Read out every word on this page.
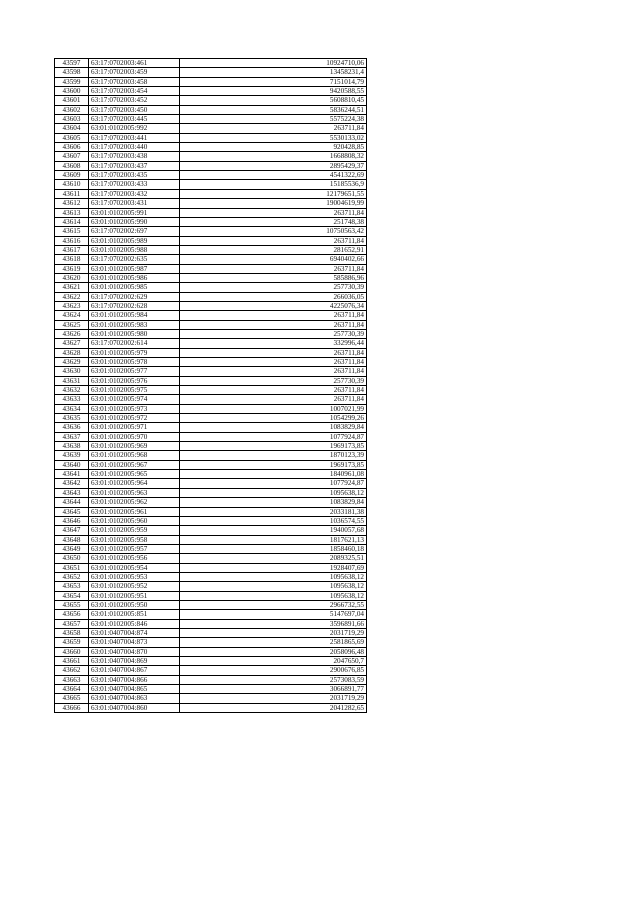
43597	63:17:0702003:461	10924710,06
43598	63:17:0702003:459	13458231,4
43599	63:17:0702003:458	7151014,79
43600	63:17:0702003:454	9420588,55
43601	63:17:0702003:452	5608810,45
43602	63:17:0702003:450	5836244,51
43603	63:17:0702003:445	5575224,38
43604	63:01:0102005:992	263711,84
43605	63:17:0702003:441	5530133,02
43606	63:17:0702003:440	920428,85
43607	63:17:0702003:438	1668808,32
43608	63:17:0702003:437	2895429,37
43609	63:17:0702003:435	4541322,69
43610	63:17:0702003:433	15185536,9
43611	63:17:0702003:432	12179651,55
43612	63:17:0702003:431	19004619,99
43613	63:01:0102005:991	263711,84
43614	63:01:0102005:990	251748,38
43615	63:17:0702002:697	10750563,42
43616	63:01:0102005:989	263711,84
43617	63:01:0102005:988	281652,91
43618	63:17:0702002:635	6940402,66
43619	63:01:0102005:987	263711,84
43620	63:01:0102005:986	585886,96
43621	63:01:0102005:985	257730,39
43622	63:17:0702002:629	266036,05
43623	63:17:0702002:628	4225076,34
43624	63:01:0102005:984	263711,84
43625	63:01:0102005:983	263711,84
43626	63:01:0102005:980	257730,39
43627	63:17:0702002:614	332996,44
43628	63:01:0102005:979	263711,84
43629	63:01:0102005:978	263711,84
43630	63:01:0102005:977	263711,84
43631	63:01:0102005:976	257730,39
43632	63:01:0102005:975	263711,84
43633	63:01:0102005:974	263711,84
43634	63:01:0102005:973	1007021,99
43635	63:01:0102005:972	1054299,26
43636	63:01:0102005:971	1083829,84
43637	63:01:0102005:970	1077924,87
43638	63:01:0102005:969	1969173,85
43639	63:01:0102005:968	1870123,39
43640	63:01:0102005:967	1969173,85
43641	63:01:0102005:965	1840961,08
43642	63:01:0102005:964	1077924,87
43643	63:01:0102005:963	1095638,12
43644	63:01:0102005:962	1083829,84
43645	63:01:0102005:961	2033181,38
43646	63:01:0102005:960	1036574,55
43647	63:01:0102005:959	1940057,68
43648	63:01:0102005:958	1817621,13
43649	63:01:0102005:957	1858460,18
43650	63:01:0102005:956	2089325,51
43651	63:01:0102005:954	1928407,69
43652	63:01:0102005:953	1095638,12
43653	63:01:0102005:952	1095638,12
43654	63:01:0102005:951	1095638,12
43655	63:01:0102005:950	2966732,55
43656	63:01:0102005:851	5147697,04
43657	63:01:0102005:846	3596891,66
43658	63:01:0407004:874	2031719,29
43659	63:01:0407004:873	2581865,69
43660	63:01:0407004:870	2058096,48
43661	63:01:0407004:869	2047650,7
43662	63:01:0407004:867	2900676,85
43663	63:01:0407004:866	2573083,59
43664	63:01:0407004:865	3066891,77
43665	63:01:0407004:863	2031719,29
43666	63:01:0407004:860	2041282,65
